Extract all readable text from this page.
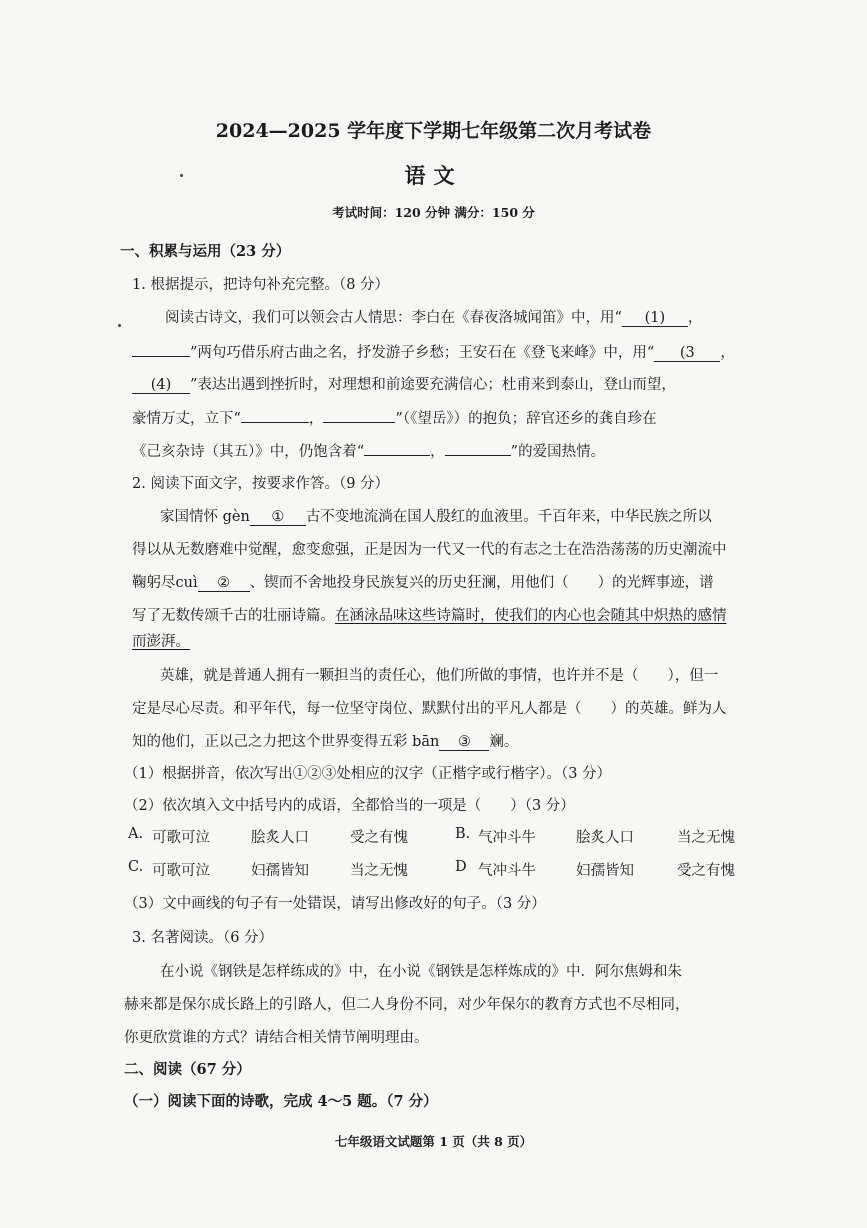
2024—2025 学年度下学期七年级第二次月考试卷
语文
考试时间：120 分钟 满分：150 分
一、积累与运用（23 分）
1. 根据提示，把诗句补充完整。（8 分）
阅读古诗文，我们可以领会古人情思：李白在《春夜洛城闻笛》中，用“ (1) ，
”两句巧借乐府古曲之名，抒发游子乡愁；王安石在《登飞来峰》中，用“ (3 ，
(4) ”表达出遇到挫折时，对理想和前途要充满信心；杜甫来到泰山，登山而望，
豪情万丈，立下“	，	”（《望岳》）的抱负；辞官还乡的龚自珍在
《己亥杂诗（其五）》中，仍饱含着“	，	”的爱国热情。
2. 阅读下面文字，按要求作答。（9 分）
家国情怀 gèn ① 古不变地流淌在国人殷红的血液里。千百年来，中华民族之所以
得以从无数磨难中觉醒，愈变愈强，正是因为一代又一代的有志之士在浩浩荡荡的历史潮流中
鞠躬尽cuì ② 、锲而不舍地投身民族复兴的历史狂澜，用他们（　　）的光辉事迹，谱
写了无数传颂千古的壮丽诗篇。在涵泳品味这些诗篇时，使我们的内心也会随其中炽热的感情
而澎湃。
英雄，就是普通人拥有一颗担当的责任心，他们所做的事情，也许并不是（　　），但一
定是尽心尽责。和平年代，每一位坚守岗位、默默付出的平凡人都是（　　）的英雄。鲜为人
知的他们，正以己之力把这个世界变得五彩 bān ③ 斓。
（1）根据拼音，依次写出①②③处相应的汉字（正楷字或行楷字）。（3 分）
（2）依次填入文中括号内的成语，全都恰当的一项是（　　）（3 分）
A. 可歌可泣	脍炙人口	受之有愧	B. 气冲斗牛	脍炙人口	当之无愧
C. 可歌可泣	妇孺皆知	当之无愧	D 气冲斗牛	妇孺皆知	受之有愧
（3）文中画线的句子有一处错误，请写出修改好的句子。（3 分）
3. 名著阅读。（6 分）
在小说《钢铁是怎样练成的》中，在小说《钢铁是怎样炼成的》中．阿尔焦姆和朱
赫来都是保尔成长路上的引路人，但二人身份不同，对少年保尔的教育方式也不尽相同，
你更欣赏谁的方式？请结合相关情节阐明理由。
二、阅读（67 分）
（一）阅读下面的诗歌，完成 4～5 题。（7 分）
七年级语文试题第 1 页（共 8 页）
